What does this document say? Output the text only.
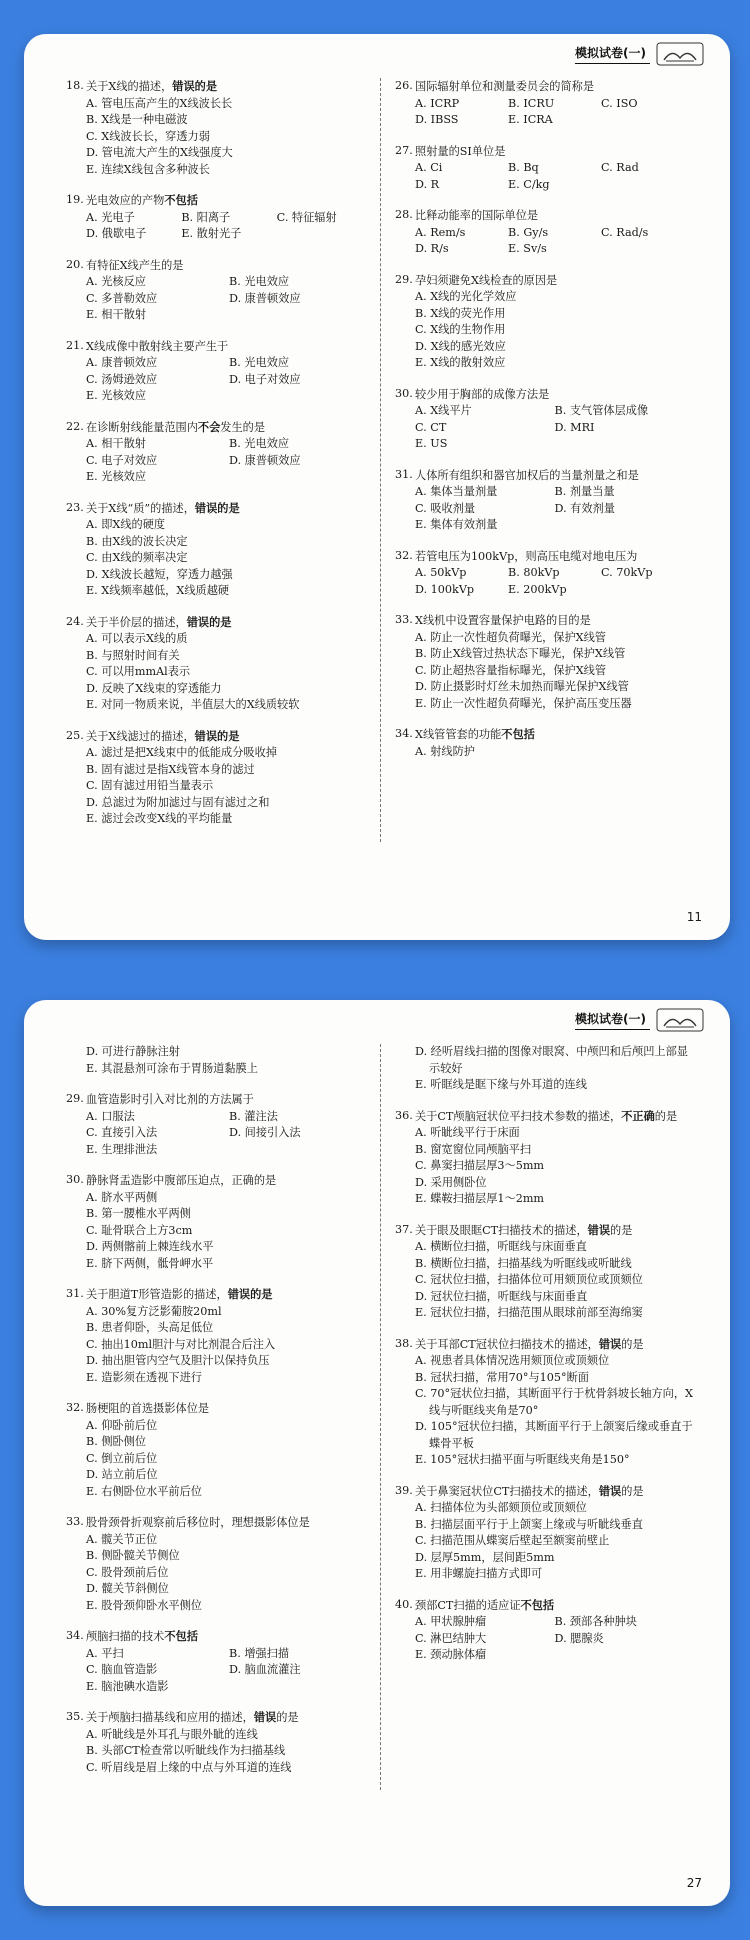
模拟试卷(一)
18. 关于X线的描述，错误的是
A. 管电压高产生的X线波长长
B. X线是一种电磁波
C. X线波长长，穿透力弱
D. 管电流大产生的X线强度大
E. 连续X线包含多种波长
19. 光电效应的产物不包括
A. 光电子	B. 阳离子	C. 特征辐射
D. 俄歇电子	E. 散射光子
20. 有特征X线产生的是
A. 光核反应	B. 光电效应
C. 多普勒效应	D. 康普顿效应
E. 相干散射
21. X线成像中散射线主要产生于
A. 康普顿效应	B. 光电效应
C. 汤姆逊效应	D. 电子对效应
E. 光核效应
22. 在诊断射线能量范围内不会发生的是
A. 相干散射	B. 光电效应
C. 电子对效应	D. 康普顿效应
E. 光核效应
23. 关于X线“质”的描述，错误的是
A. 即X线的硬度
B. 由X线的波长决定
C. 由X线的频率决定
D. X线波长越短，穿透力越强
E. X线频率越低，X线质越硬
24. 关于半价层的描述，错误的是
A. 可以表示X线的质
B. 与照射时间有关
C. 可以用mmAl表示
D. 反映了X线束的穿透能力
E. 对同一物质来说，半值层大的X线质较软
25. 关于X线滤过的描述，错误的是
A. 滤过是把X线束中的低能成分吸收掉
B. 固有滤过是指X线管本身的滤过
C. 固有滤过用铅当量表示
D. 总滤过为附加滤过与固有滤过之和
E. 滤过会改变X线的平均能量
26. 国际辐射单位和测量委员会的简称是
A. ICRP	B. ICRU	C. ISO
D. IBSS	E. ICRA
27. 照射量的SI单位是
A. Ci	B. Bq	C. Rad
D. R	E. C/kg
28. 比释动能率的国际单位是
A. Rem/s	B. Gy/s	C. Rad/s
D. R/s	E. Sv/s
29. 孕妇须避免X线检查的原因是
A. X线的光化学效应
B. X线的荧光作用
C. X线的生物作用
D. X线的感光效应
E. X线的散射效应
30. 较少用于胸部的成像方法是
A. X线平片	B. 支气管体层成像
C. CT	D. MRI
E. US
31. 人体所有组织和器官加权后的当量剂量之和是
A. 集体当量剂量	B. 剂量当量
C. 吸收剂量	D. 有效剂量
E. 集体有效剂量
32. 若管电压为100kVp，则高压电缆对地电压为
A. 50kVp	B. 80kVp	C. 70kVp
D. 100kVp	E. 200kVp
33. X线机中设置容量保护电路的目的是
A. 防止一次性超负荷曝光，保护X线管
B. 防止X线管过热状态下曝光，保护X线管
C. 防止超热容量指标曝光，保护X线管
D. 防止摄影时灯丝未加热而曝光保护X线管
E. 防止一次性超负荷曝光，保护高压变压器
34. X线管管套的功能不包括
A. 射线防护
11
模拟试卷(一)
D. 可进行静脉注射
E. 其混悬剂可涂布于胃肠道黏膜上
29. 血管造影时引入对比剂的方法属于
A. 口服法	B. 灌注法
C. 直接引入法	D. 间接引入法
E. 生理排泄法
30. 静脉肾盂造影中腹部压迫点，正确的是
A. 脐水平两侧
B. 第一腰椎水平两侧
C. 耻骨联合上方3cm
D. 两侧髂前上棘连线水平
E. 脐下两侧，骶骨岬水平
31. 关于胆道T形管造影的描述，错误的是
A. 30%复方泛影葡胺20ml
B. 患者仰卧，头高足低位
C. 抽出10ml胆汁与对比剂混合后注入
D. 抽出胆管内空气及胆汁以保持负压
E. 造影须在透视下进行
32. 肠梗阻的首选摄影体位是
A. 仰卧前后位
B. 侧卧侧位
C. 倒立前后位
D. 站立前后位
E. 右侧卧位水平前后位
33. 股骨颈骨折观察前后移位时，理想摄影体位是
A. 髋关节正位
B. 侧卧髋关节侧位
C. 股骨颈前后位
D. 髋关节斜侧位
E. 股骨颈仰卧水平侧位
34. 颅脑扫描的技术不包括
A. 平扫	B. 增强扫描
C. 脑血管造影	D. 脑血流灌注
E. 脑池碘水造影
35. 关于颅脑扫描基线和应用的描述，错误的是
A. 听眦线是外耳孔与眼外眦的连线
B. 头部CT检查常以听眦线作为扫描基线
C. 听眉线是眉上缘的中点与外耳道的连线
D. 经听眉线扫描的图像对眼窝、中颅凹和后颅凹上部显示较好
E. 听眶线是眶下缘与外耳道的连线
36. 关于CT颅脑冠状位平扫技术参数的描述，不正确的是
A. 听眦线平行于床面
B. 窗宽窗位同颅脑平扫
C. 鼻窦扫描层厚3～5mm
D. 采用侧卧位
E. 蝶鞍扫描层厚1～2mm
37. 关于眼及眼眶CT扫描技术的描述，错误的是
A. 横断位扫描，听眶线与床面垂直
B. 横断位扫描，扫描基线为听眶线或听眦线
C. 冠状位扫描，扫描体位可用颏顶位或顶颏位
D. 冠状位扫描，听眶线与床面垂直
E. 冠状位扫描，扫描范围从眼球前部至海绵窦
38. 关于耳部CT冠状位扫描技术的描述，错误的是
A. 视患者具体情况选用颏顶位或顶颏位
B. 冠状扫描，常用70°与105°断面
C. 70°冠状位扫描，其断面平行于枕骨斜坡长轴方向，X线与听眶线夹角是70°
D. 105°冠状位扫描，其断面平行于上颌窦后缘或垂直于蝶骨平板
E. 105°冠状扫描平面与听眶线夹角是150°
39. 关于鼻窦冠状位CT扫描技术的描述，错误的是
A. 扫描体位为头部颏顶位或顶颏位
B. 扫描层面平行于上颌窦上缘或与听眦线垂直
C. 扫描范围从蝶窦后壁起至额窦前壁止
D. 层厚5mm，层间距5mm
E. 用非螺旋扫描方式即可
40. 颈部CT扫描的适应证不包括
A. 甲状腺肿瘤	B. 颈部各种肿块
C. 淋巴结肿大	D. 腮腺炎
E. 颈动脉体瘤
27
